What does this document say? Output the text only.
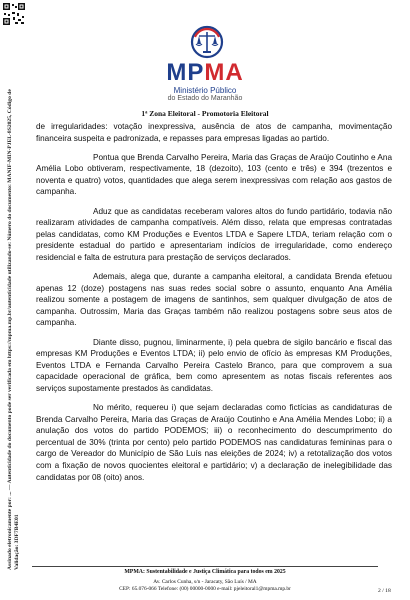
Assinado eletronicamente por: ... — Autenticidade do documento pode ser verificada em https://mpma.mp.br/autenticidade utilizando-se: Número do documento: MANIF-MIN-PJEL-8S2025, Código de Validação: 3DF7B4E01
MPMA
Ministério Público
do Estado do Maranhão
1ª Zona Eleitoral - Promotoria Eleitoral

de irregularidades: votação inexpressiva, ausência de atos de campanha, movimentação financeira suspeita e padronizada, e repasses para empresas ligadas ao partido.

Pontua que Brenda Carvalho Pereira, Maria das Graças de Araújo Coutinho e Ana Amélia Lobo obtiveram, respectivamente, 18 (dezoito), 103 (cento e três) e 394 (trezentos e noventa e quatro) votos, quantidades que alega serem inexpressivas com relação aos gastos de campanha.

Aduz que as candidatas receberam valores altos do fundo partidário, todavia não realizaram atividades de campanha compatíveis. Além disso, relata que empresas contratadas pelas candidatas, como KM Produções e Eventos LTDA e Sapere LTDA, teriam relação com o presidente estadual do partido e apresentariam indícios de irregularidade, como endereço residencial e falta de estrutura para prestação de serviços declarados.

Ademais, alega que, durante a campanha eleitoral, a candidata Brenda efetuou apenas 12 (doze) postagens nas suas redes social sobre o assunto, enquanto Ana Amélia realizou somente a postagem de imagens de santinhos, sem qualquer divulgação de atos de campanha. Outrossim, Maria das Graças também não realizou postagens sobre seus atos de campanha.

Diante disso, pugnou, liminarmente, i) pela quebra de sigilo bancário e fiscal das empresas KM Produções e Eventos LTDA; ii) pelo envio de ofício às empresas KM Produções, Eventos LTDA e Fernanda Carvalho Pereira Castelo Branco, para que comprovem a sua capacidade operacional de gráfica, bem como apresentem as notas fiscais referentes aos serviços supostamente prestados às candidatas.

No mérito, requereu i) que sejam declaradas como fictícias as candidaturas de Brenda Carvalho Pereira, Maria das Graças de Araújo Coutinho e Ana Amélia Mendes Lobo; ii) a anulação dos votos do partido PODEMOS; iii) o reconhecimento do descumprimento do percentual de 30% (trinta por cento) pelo partido PODEMOS nas candidaturas femininas para o cargo de Vereador do Município de São Luís nas eleições de 2024; iv) a retotalização dos votos com a fixação de novos quocientes eleitoral e partidário; v) a declaração de inelegibilidade das candidatas por 08 (oito) anos.

MPMA: Sustentabilidade e Justiça Climática para todos em 2025
Av. Carlos Cunha, s/n - Jaracaty, São Luís / MA
CEP: 65.076-066 Telefone: (00) 00000-0000 e-mail: pjeleitoral1@mpma.mp.br	2 / 18
